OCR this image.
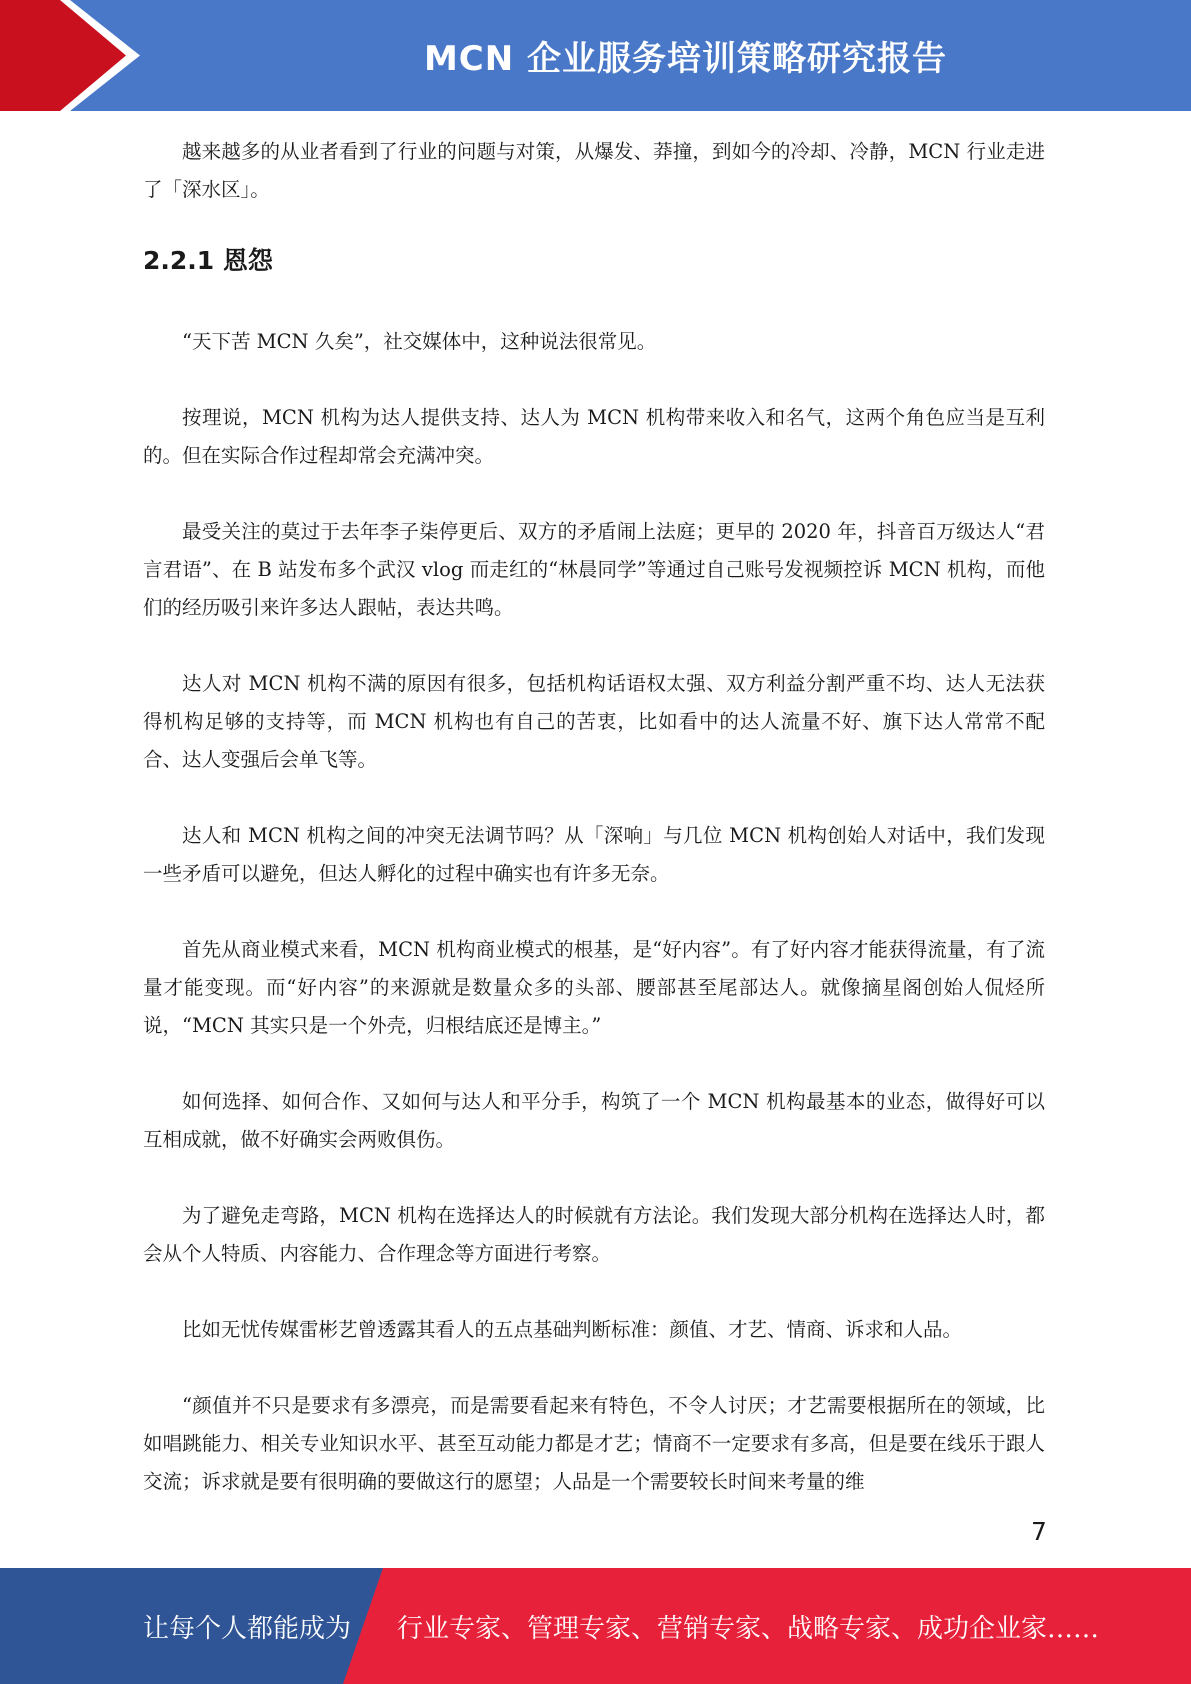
MCN 企业服务培训策略研究报告

越来越多的从业者看到了行业的问题与对策，从爆发、莽撞，到如今的冷却、冷静，MCN 行业走进了「深水区」。

2.2.1 恩怨

“天下苦 MCN 久矣”，社交媒体中，这种说法很常见。

按理说，MCN 机构为达人提供支持、达人为 MCN 机构带来收入和名气，这两个角色应当是互利的。但在实际合作过程却常会充满冲突。

最受关注的莫过于去年李子柒停更后、双方的矛盾闹上法庭；更早的 2020 年，抖音百万级达人“君言君语”、在 B 站发布多个武汉 vlog 而走红的“林晨同学”等通过自己账号发视频控诉 MCN 机构，而他们的经历吸引来许多达人跟帖，表达共鸣。

达人对 MCN 机构不满的原因有很多，包括机构话语权太强、双方利益分割严重不均、达人无法获得机构足够的支持等，而 MCN 机构也有自己的苦衷，比如看中的达人流量不好、旗下达人常常不配合、达人变强后会单飞等。

达人和 MCN 机构之间的冲突无法调节吗？从「深响」与几位 MCN 机构创始人对话中，我们发现一些矛盾可以避免，但达人孵化的过程中确实也有许多无奈。

首先从商业模式来看，MCN 机构商业模式的根基，是“好内容”。有了好内容才能获得流量，有了流量才能变现。而“好内容”的来源就是数量众多的头部、腰部甚至尾部达人。就像摘星阁创始人侃烃所说，“MCN 其实只是一个外壳，归根结底还是博主。”

如何选择、如何合作、又如何与达人和平分手，构筑了一个 MCN 机构最基本的业态，做得好可以互相成就，做不好确实会两败俱伤。

为了避免走弯路，MCN 机构在选择达人的时候就有方法论。我们发现大部分机构在选择达人时，都会从个人特质、内容能力、合作理念等方面进行考察。

比如无忧传媒雷彬艺曾透露其看人的五点基础判断标准：颜值、才艺、情商、诉求和人品。

“颜值并不只是要求有多漂亮，而是需要看起来有特色，不令人讨厌；才艺需要根据所在的领域，比如唱跳能力、相关专业知识水平、甚至互动能力都是才艺；情商不一定要求有多高，但是要在线乐于跟人交流；诉求就是要有很明确的要做这行的愿望；人品是一个需要较长时间来考量的维

7
让每个人都能成为 行业专家、管理专家、营销专家、战略专家、成功企业家……
